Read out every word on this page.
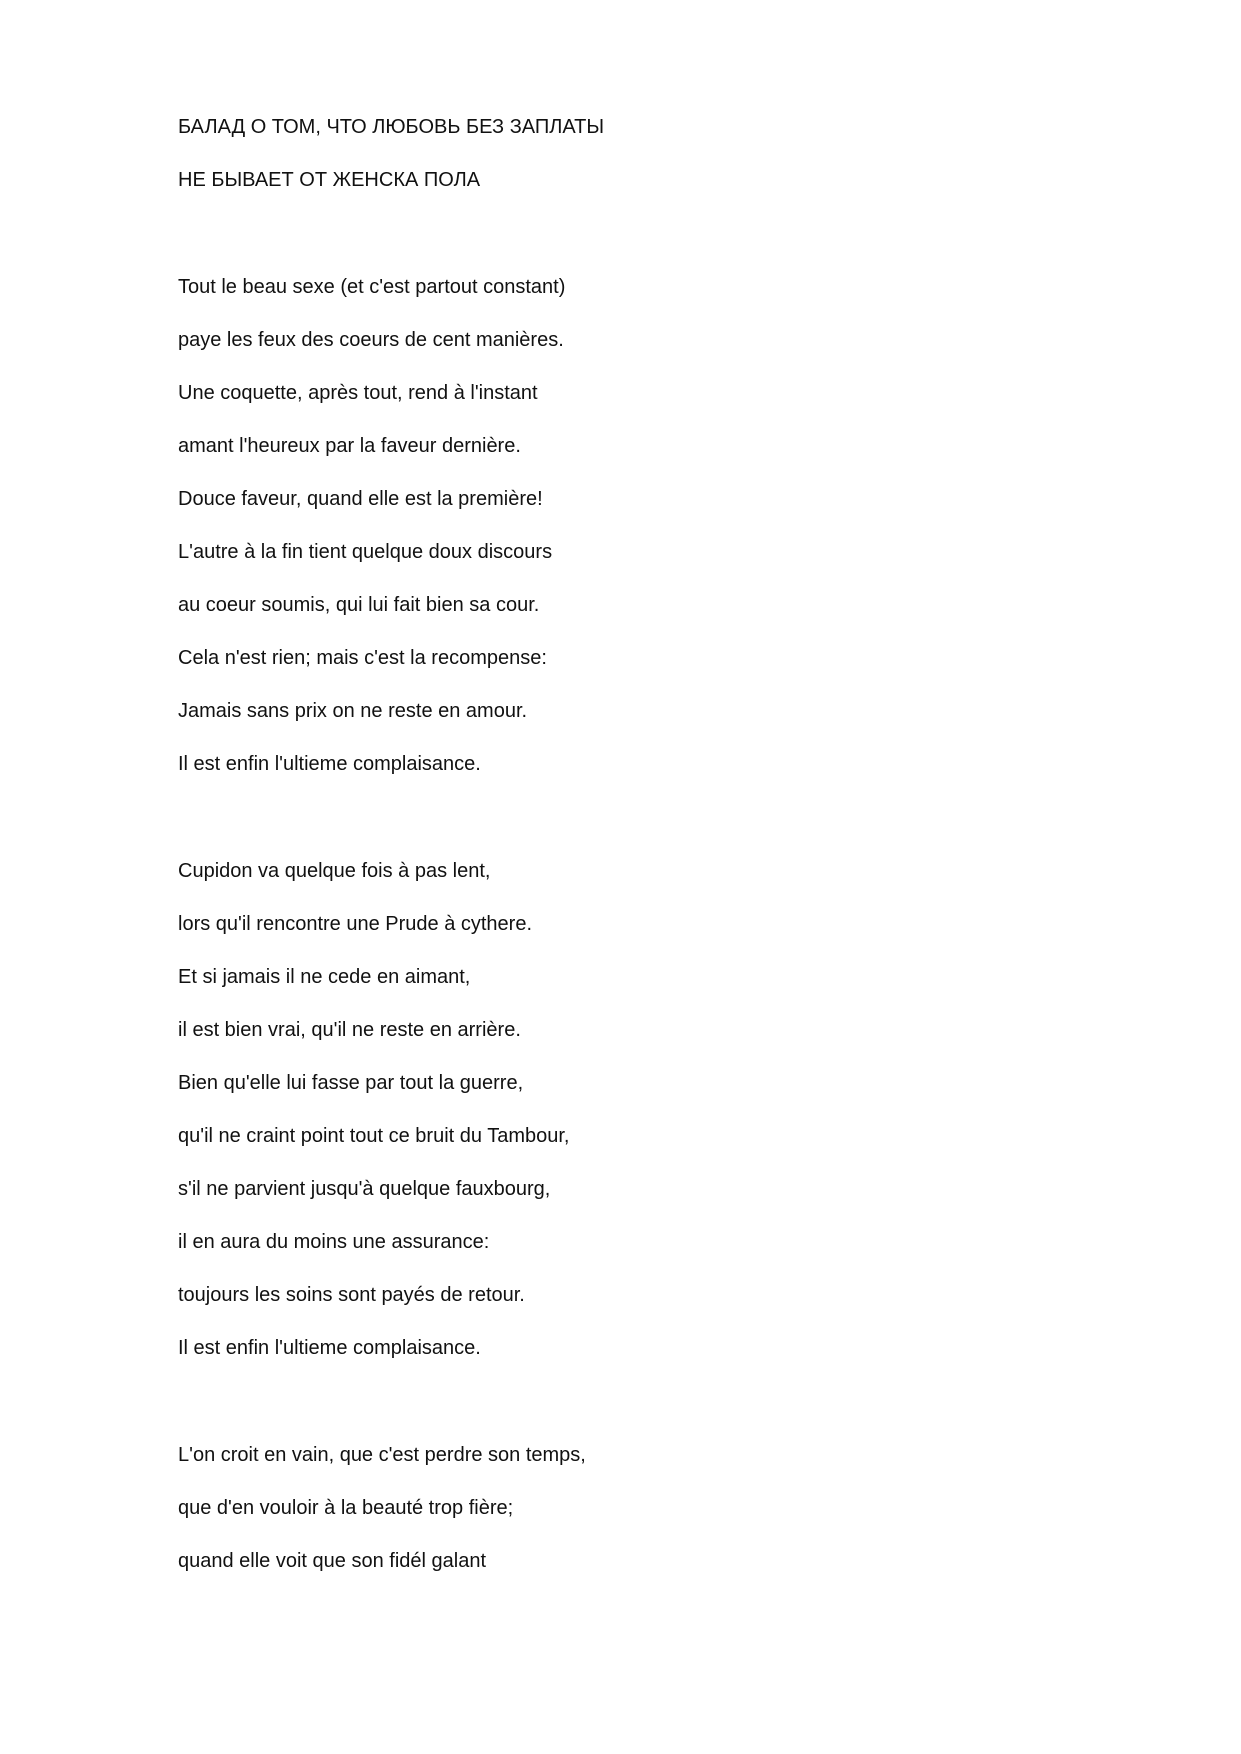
БАЛАД О ТОМ, ЧТО ЛЮБОВЬ БЕЗ ЗАПЛАТЫ
НЕ БЫВАЕТ ОТ ЖЕНСКА ПОЛА
Tout le beau sexe (et c'est partout constant)
paye les feux des coeurs de cent manières.
Une coquette, après tout, rend à l'instant
amant l'heureux par la faveur dernière.
Douce faveur, quand elle est la première!
L'autre à la fin tient quelque doux discours
au coeur soumis, qui lui fait bien sa cour.
Cela n'est rien; mais c'est la recompense:
Jamais sans prix on ne reste en amour.
Il est enfin l'ultieme complaisance.
Cupidon va quelque fois à pas lent,
lors qu'il rencontre une Prude à cythere.
Et si jamais il ne cede en aimant,
il est bien vrai, qu'il ne reste en arrière.
Bien qu'elle lui fasse par tout la guerre,
qu'il ne craint point tout ce bruit du Tambour,
s'il ne parvient jusqu'à quelque fauxbourg,
il en aura du moins une assurance:
toujours les soins sont payés de retour.
Il est enfin l'ultieme complaisance.
L'on croit en vain, que c'est perdre son temps,
que d'en vouloir à la beauté trop fière;
quand elle voit que son fidél galant
